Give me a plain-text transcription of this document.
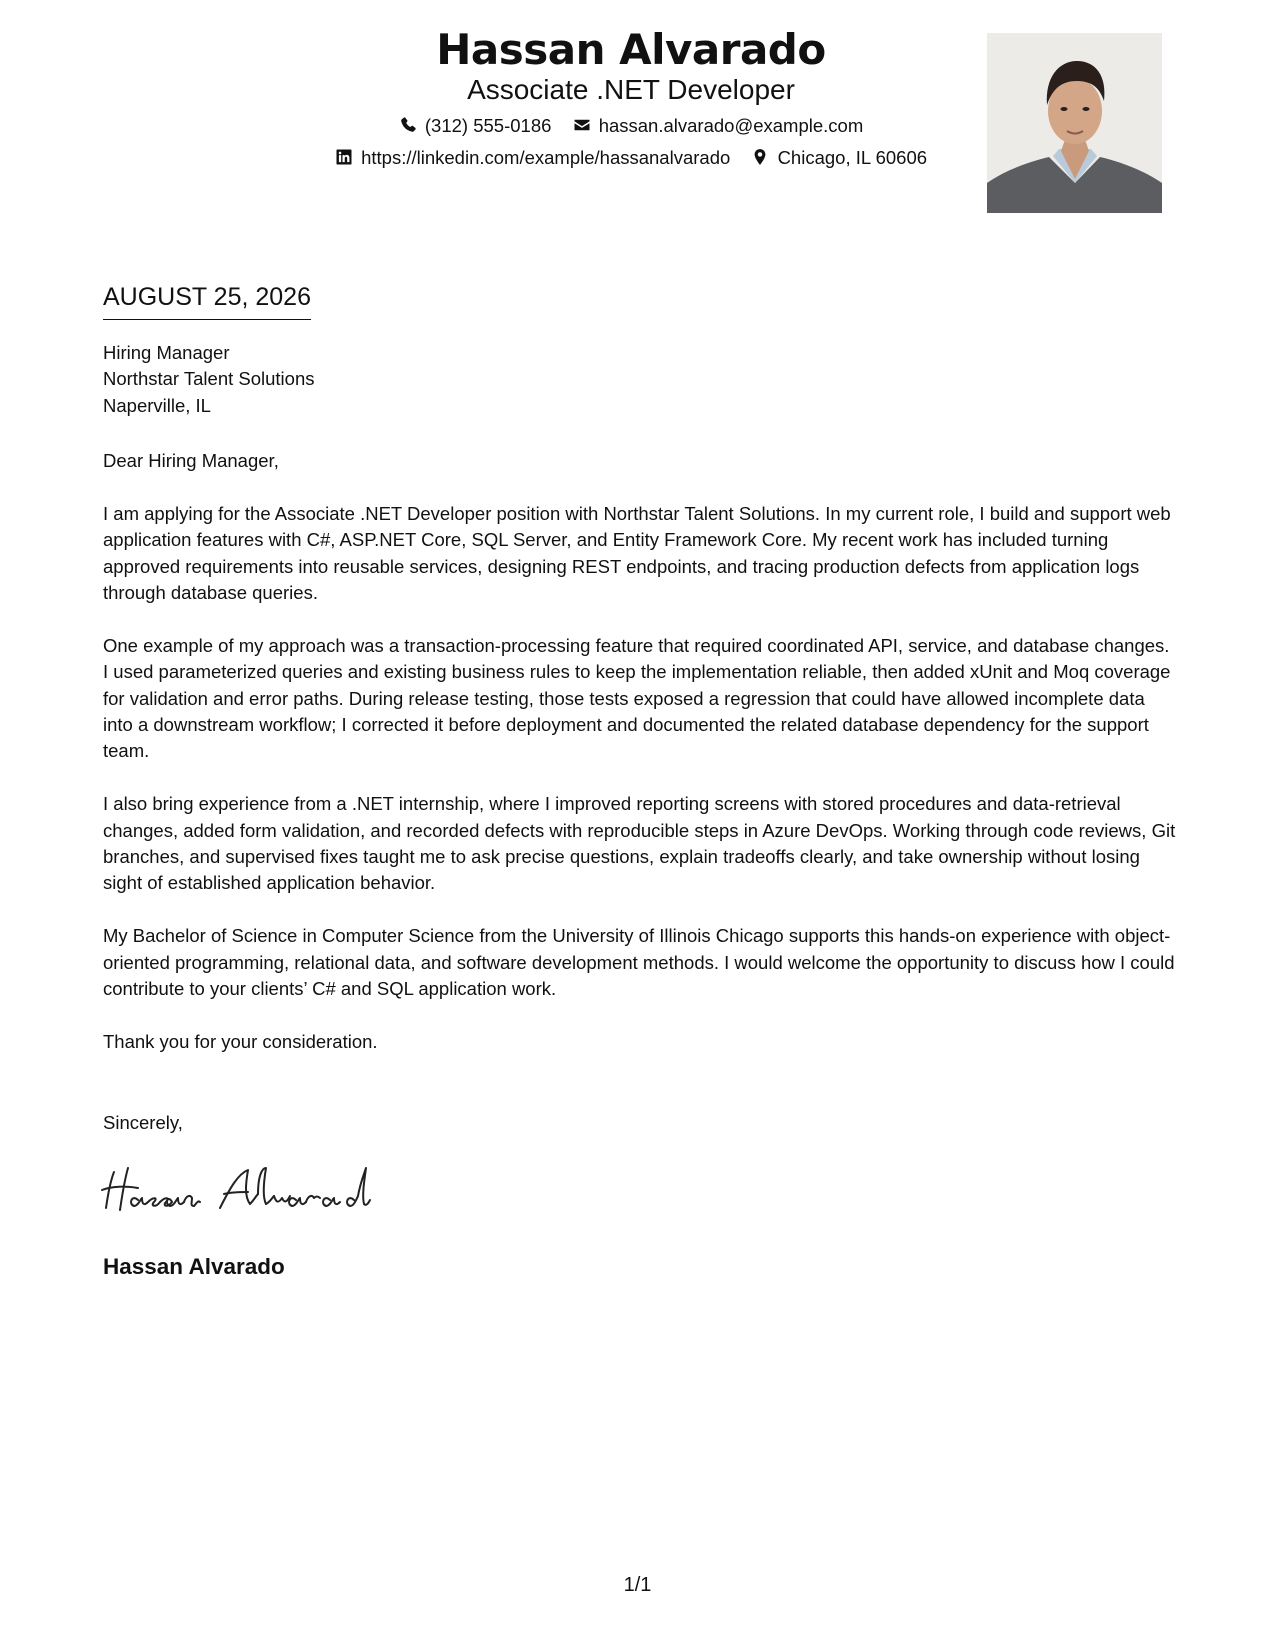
Hassan Alvarado
Associate .NET Developer
(312) 555-0186	hassan.alvarado@example.com
https://linkedin.com/example/hassanalvarado	Chicago, IL 60606
AUGUST 25, 2026
Hiring Manager
Northstar Talent Solutions
Naperville, IL

Dear Hiring Manager,

I am applying for the Associate .NET Developer position with Northstar Talent Solutions. In my current role, I build and support web application features with C#, ASP.NET Core, SQL Server, and Entity Framework Core. My recent work has included turning approved requirements into reusable services, designing REST endpoints, and tracing production defects from application logs through database queries.

One example of my approach was a transaction-processing feature that required coordinated API, service, and database changes. I used parameterized queries and existing business rules to keep the implementation reliable, then added xUnit and Moq coverage for validation and error paths. During release testing, those tests exposed a regression that could have allowed incomplete data into a downstream workflow; I corrected it before deployment and documented the related database dependency for the support team.

I also bring experience from a .NET internship, where I improved reporting screens with stored procedures and data-retrieval changes, added form validation, and recorded defects with reproducible steps in Azure DevOps. Working through code reviews, Git branches, and supervised fixes taught me to ask precise questions, explain tradeoffs clearly, and take ownership without losing sight of established application behavior.

My Bachelor of Science in Computer Science from the University of Illinois Chicago supports this hands-on experience with object-oriented programming, relational data, and software development methods. I would welcome the opportunity to discuss how I could contribute to your clients’ C# and SQL application work.

Thank you for your consideration.

Sincerely,
Hassan Alvarado
1/1
